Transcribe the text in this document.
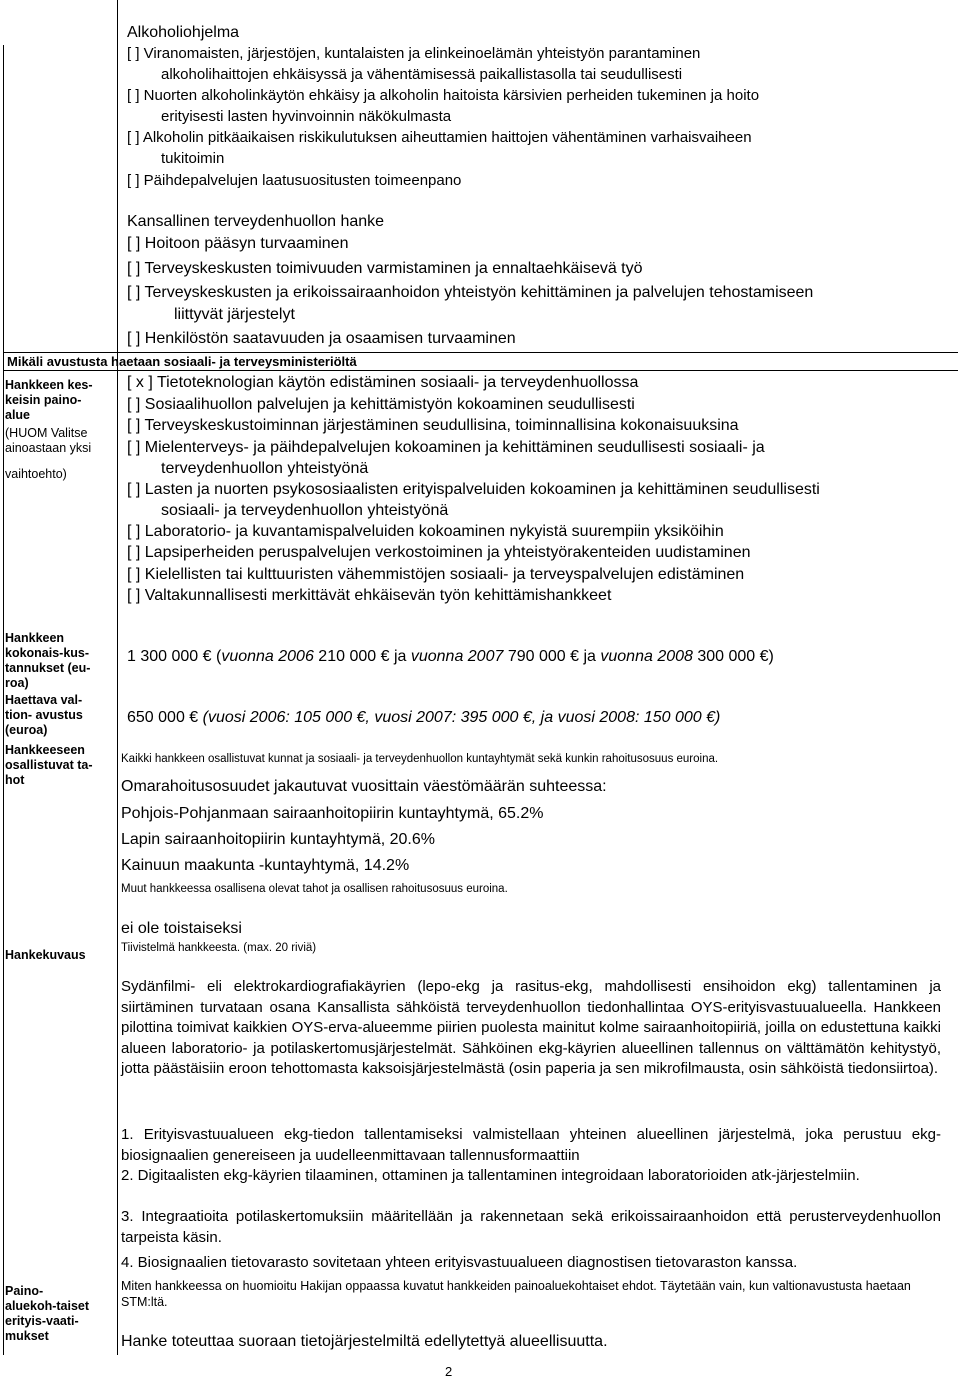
Alkoholiohjelma
[ ] Viranomaisten, järjestöjen, kuntalaisten ja elinkeinoelämän yhteistyön parantaminen
alkoholihaittojen ehkäisyssä ja vähentämisessä paikallistasolla tai seudullisesti
[ ] Nuorten alkoholinkäytön ehkäisy ja alkoholin haitoista kärsivien perheiden tukeminen ja hoito
erityisesti lasten hyvinvoinnin näkökulmasta
[ ] Alkoholin pitkäaikaisen riskikulutuksen aiheuttamien haittojen vähentäminen varhaisvaiheen
tukitoimin
[ ] Päihdepalvelujen laatusuositusten toimeenpano
Kansallinen terveydenhuollon hanke
[ ] Hoitoon pääsyn turvaaminen
[ ] Terveyskeskusten toimivuuden varmistaminen ja ennaltaehkäisevä työ
[ ] Terveyskeskusten ja erikoissairaanhoidon yhteistyön kehittäminen ja palvelujen tehostamiseen
liittyvät järjestelyt
[ ] Henkilöstön saatavuuden ja osaamisen turvaaminen
Mikäli avustusta haetaan sosiaali- ja terveysministeriöltä
Hankkeen kes-
keisin paino-
alue
(HUOM Valitse
ainoastaan yksi
vaihtoehto)
[ x ] Tietoteknologian käytön edistäminen sosiaali- ja terveydenhuollossa
[ ] Sosiaalihuollon palvelujen ja kehittämistyön kokoaminen seudullisesti
[ ] Terveyskeskustoiminnan järjestäminen seudullisina, toiminnallisina kokonaisuuksina
[ ] Mielenterveys- ja päihdepalvelujen kokoaminen ja kehittäminen seudullisesti sosiaali- ja
terveydenhuollon yhteistyönä
[ ] Lasten ja nuorten psykososiaalisten erityispalveluiden kokoaminen ja kehittäminen seudullisesti
sosiaali- ja terveydenhuollon yhteistyönä
[ ] Laboratorio- ja kuvantamispalveluiden kokoaminen nykyistä suurempiin yksiköihin
[ ] Lapsiperheiden peruspalvelujen verkostoiminen ja yhteistyörakenteiden uudistaminen
[ ] Kielellisten tai kulttuuristen vähemmistöjen sosiaali- ja terveyspalvelujen edistäminen
[ ] Valtakunnallisesti merkittävät ehkäisevän työn kehittämishankkeet
Hankkeen
kokonais-kus-
tannukset (eu-
roa)
1 300 000 € (vuonna 2006 210 000 € ja vuonna 2007 790 000 € ja vuonna 2008 300 000 €)
Haettava val-
tion- avustus
(euroa)
650 000 € (vuosi 2006: 105 000 €, vuosi 2007: 395 000 €, ja vuosi 2008: 150 000 €)
Hankkeeseen
osallistuvat ta-
hot
Kaikki hankkeen osallistuvat kunnat ja sosiaali- ja terveydenhuollon kuntayhtymät sekä kunkin rahoitusosuus euroina.
Omarahoitusosuudet jakautuvat vuosittain väestömäärän suhteessa:
Pohjois-Pohjanmaan sairaanhoitopiirin kuntayhtymä, 65.2%
Lapin sairaanhoitopiirin kuntayhtymä, 20.6%
Kainuun maakunta -kuntayhtymä, 14.2%
Muut hankkeessa osallisena olevat tahot ja osallisen rahoitusosuus euroina.
ei ole toistaiseksi
Hankekuvaus	Tiivistelmä hankkeesta. (max. 20 riviä)
Sydänfilmi- eli elektrokardiografiakäyrien (lepo-ekg ja rasitus-ekg, mahdollisesti ensihoidon ekg) tallentaminen ja siirtäminen turvataan osana Kansallista sähköistä terveydenhuollon tiedonhallintaa OYS-erityisvastuualueella. Hankkeen pilottina toimivat kaikkien OYS-erva-alueemme piirien puolesta mainitut kolme sairaanhoitopiiriä, joilla on edustettuna kaikki alueen laboratorio- ja potilaskertomusjärjestelmät. Sähköinen ekg-käyrien alueellinen tallennus on välttämätön kehitystyö, jotta päästäisiin eroon tehottomasta kaksoisjärjestelmästä (osin paperia ja sen mikrofilmausta, osin sähköistä tiedonsiirtoa).
1. Erityisvastuualueen ekg-tiedon tallentamiseksi valmistellaan yhteinen alueellinen järjestelmä, joka perustuu ekg-biosignaalien genereiseen ja uudelleenmittavaan tallennusformaattiin
2. Digitaalisten ekg-käyrien tilaaminen, ottaminen ja tallentaminen integroidaan laboratorioiden atk-järjestelmiin.
3. Integraatioita potilaskertomuksiin määritellään ja rakennetaan sekä erikoissairaanhoidon että perusterveydenhuollon tarpeista käsin.
4. Biosignaalien tietovarasto sovitetaan yhteen erityisvastuualueen diagnostisen tietovaraston kanssa.
Paino-
aluekoh-taiset
erityis-vaati-
mukset
Miten hankkeessa on huomioitu Hakijan oppaassa kuvatut hankkeiden painoaluekohtaiset ehdot. Täytetään vain, kun valtionavustusta haetaan STM:ltä.
Hanke toteuttaa suoraan tietojärjestelmiltä edellytettyä alueellisuutta.
2
